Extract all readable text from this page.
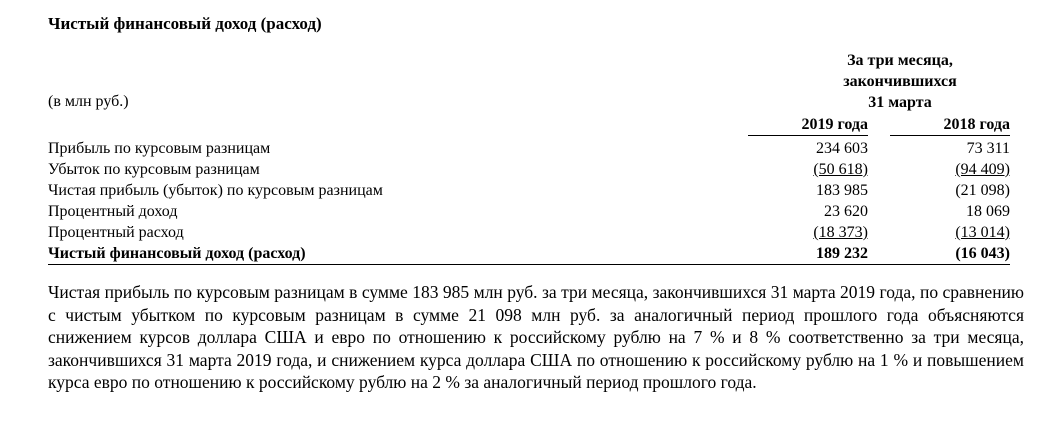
Чистый финансовый доход (расход)
За три месяца,
закончившихся
31 марта
(в млн руб.)
2019 года	2018 года
Прибыль по курсовым разницам	234 603		73 311
Убыток по курсовым разницам	(50 618)		(94 409)
Чистая прибыль (убыток) по курсовым разницам	183 985		(21 098)
Процентный доход	23 620		18 069
Процентный расход	(18 373)		(13 014)
Чистый финансовый доход (расход)	189 232		(16 043)
Чистая прибыль по курсовым разницам в сумме 183 985 млн руб. за три месяца, закончившихся 31 марта 2019 года, по сравнению с чистым убытком по курсовым разницам в сумме 21 098 млн руб. за аналогичный период прошлого года объясняются снижением курсов доллара США и евро по отношению к российскому рублю на 7 % и 8 % соответственно за три месяца, закончившихся 31 марта 2019 года, и снижением курса доллара США по отношению к российскому рублю на 1 % и повышением курса евро по отношению к российскому рублю на 2 % за аналогичный период прошлого года.
